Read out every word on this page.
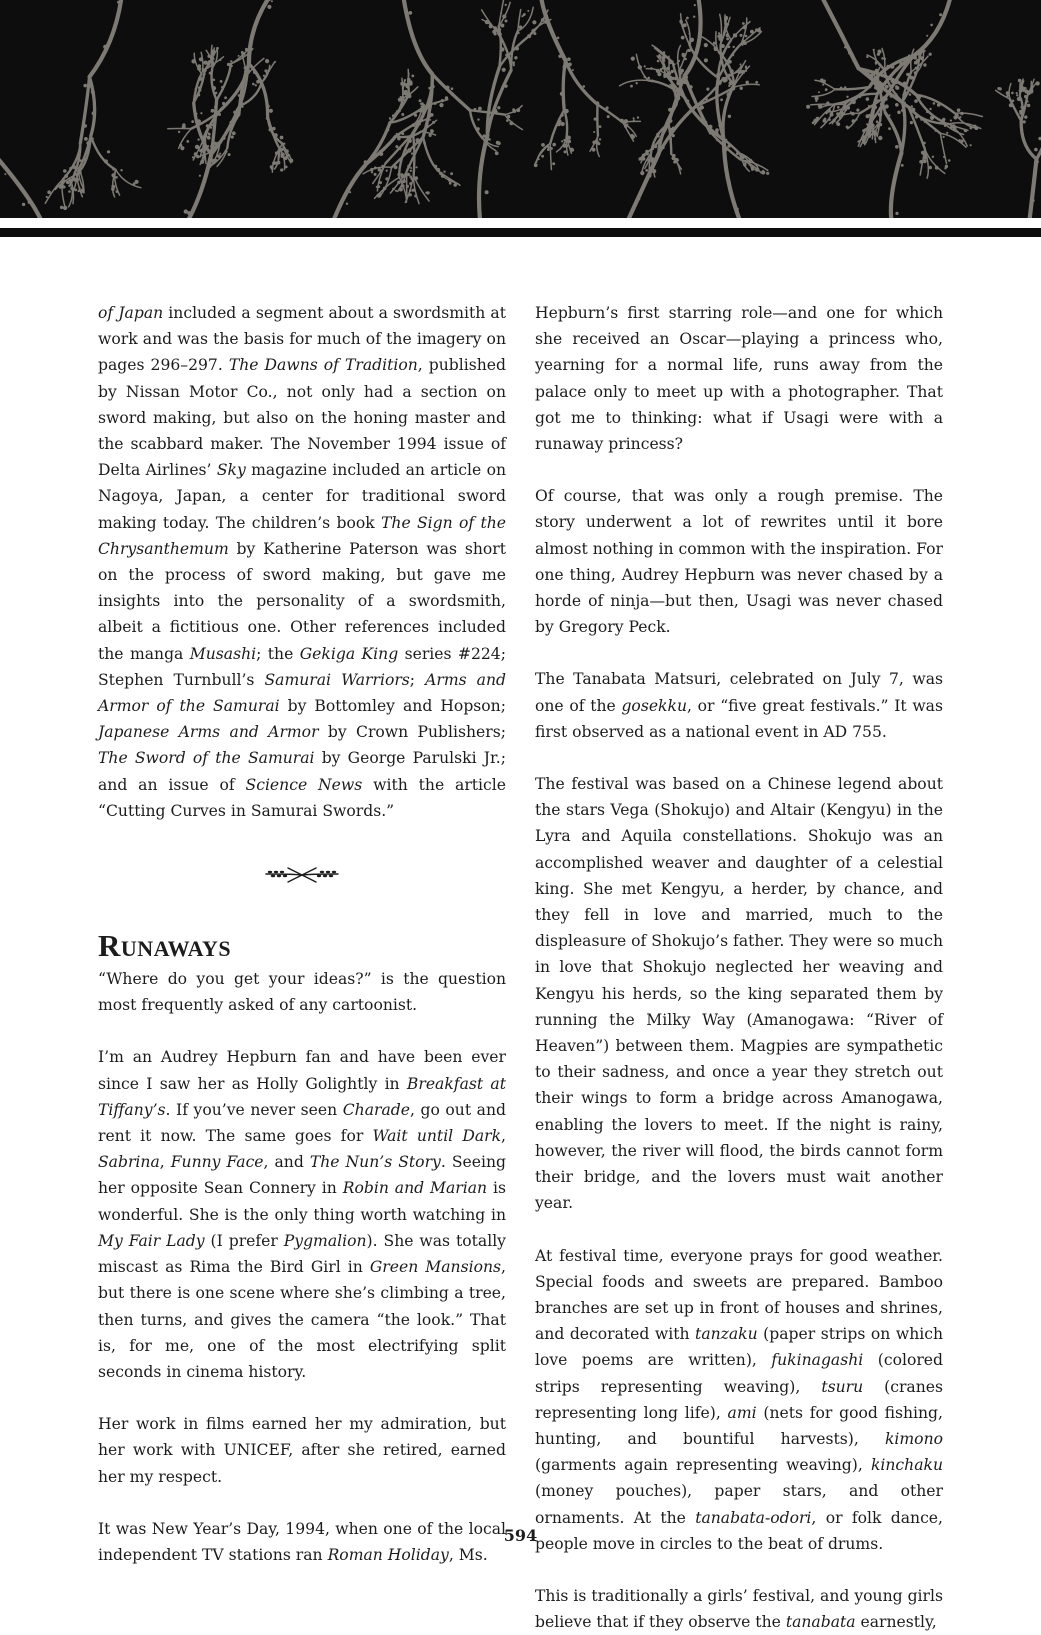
of Japan included a segment about a swordsmith at work and was the basis for much of the imagery on pages 296–297. The Dawns of Tradition, published by Nissan Motor Co., not only had a section on sword making, but also on the honing master and the scabbard maker. The November 1994 issue of Delta Airlines’ Sky magazine included an article on Nagoya, Japan, a center for traditional sword making today. The children’s book The Sign of the Chrysanthemum by Katherine Paterson was short on the process of sword making, but gave me insights into the personality of a swordsmith, albeit a fictitious one. Other references included the manga Musashi; the Gekiga King series #224; Stephen Turnbull’s Samurai Warriors; Arms and Armor of the Samurai by Bottomley and Hopson; Japanese Arms and Armor by Crown Publishers; The Sword of the Samurai by George Parulski Jr.; and an issue of Science News with the article “Cutting Curves in Samurai Swords.”

Runaways

“Where do you get your ideas?” is the question most frequently asked of any cartoonist.

I’m an Audrey Hepburn fan and have been ever since I saw her as Holly Golightly in Breakfast at Tiffany’s. If you’ve never seen Charade, go out and rent it now. The same goes for Wait until Dark, Sabrina, Funny Face, and The Nun’s Story. Seeing her opposite Sean Connery in Robin and Marian is wonderful. She is the only thing worth watching in My Fair Lady (I prefer Pygmalion). She was totally miscast as Rima the Bird Girl in Green Mansions, but there is one scene where she’s climbing a tree, then turns, and gives the camera “the look.” That is, for me, one of the most electrifying split seconds in cinema history.

Her work in films earned her my admiration, but her work with UNICEF, after she retired, earned her my respect.

It was New Year’s Day, 1994, when one of the local independent TV stations ran Roman Holiday, Ms.

Hepburn’s first starring role—and one for which she received an Oscar—playing a princess who, yearning for a normal life, runs away from the palace only to meet up with a photographer. That got me to thinking: what if Usagi were with a runaway princess?

Of course, that was only a rough premise. The story underwent a lot of rewrites until it bore almost nothing in common with the inspiration. For one thing, Audrey Hepburn was never chased by a horde of ninja—but then, Usagi was never chased by Gregory Peck.

The Tanabata Matsuri, celebrated on July 7, was one of the gosekku, or “five great festivals.” It was first observed as a national event in AD 755.

The festival was based on a Chinese legend about the stars Vega (Shokujo) and Altair (Kengyu) in the Lyra and Aquila constellations. Shokujo was an accomplished weaver and daughter of a celestial king. She met Kengyu, a herder, by chance, and they fell in love and married, much to the displeasure of Shokujo’s father. They were so much in love that Shokujo neglected her weaving and Kengyu his herds, so the king separated them by running the Milky Way (Amanogawa: “River of Heaven”) between them. Magpies are sympathetic to their sadness, and once a year they stretch out their wings to form a bridge across Amanogawa, enabling the lovers to meet. If the night is rainy, however, the river will flood, the birds cannot form their bridge, and the lovers must wait another year.

At festival time, everyone prays for good weather. Special foods and sweets are prepared. Bamboo branches are set up in front of houses and shrines, and decorated with tanzaku (paper strips on which love poems are written), fukinagashi (colored strips representing weaving), tsuru (cranes representing long life), ami (nets for good fishing, hunting, and bountiful harvests), kimono (garments again representing weaving), kinchaku (money pouches), paper stars, and other ornaments. At the tanabata-odori, or folk dance, people move in circles to the beat of drums.

This is traditionally a girls’ festival, and young girls believe that if they observe the tanabata earnestly,

594
